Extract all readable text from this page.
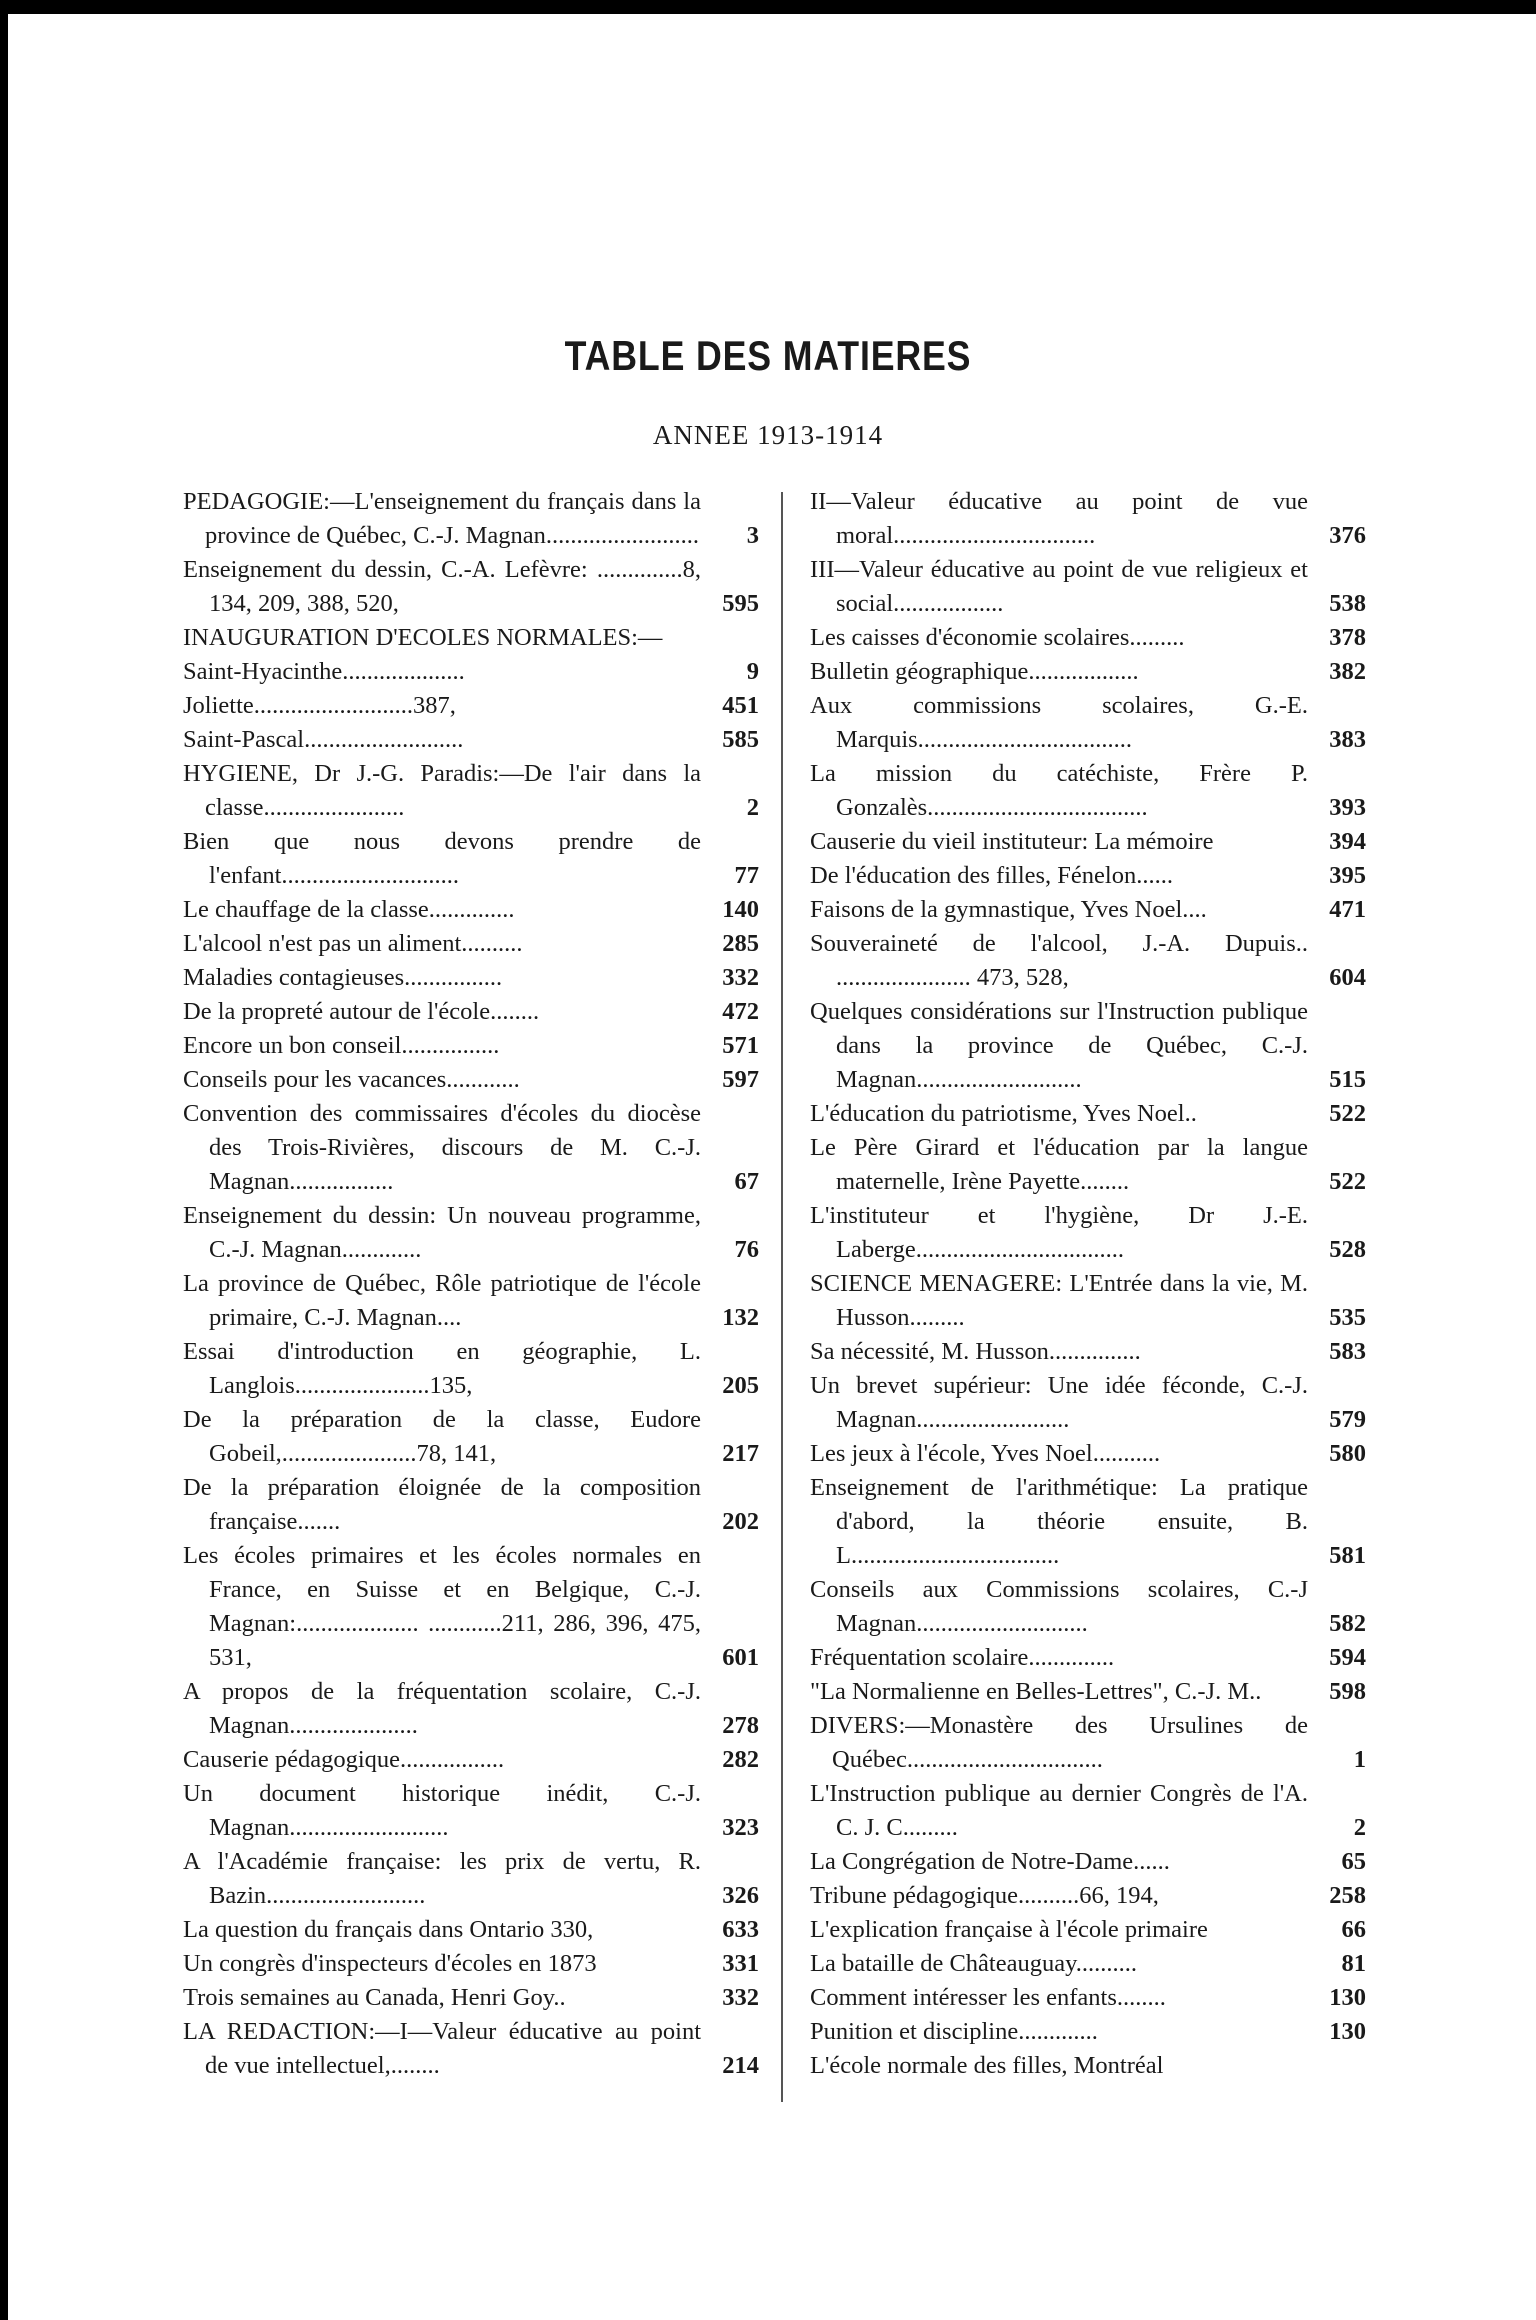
TABLE DES MATIERES
ANNEE 1913-1914
PEDAGOGIE:—L'enseignement du français dans la province de Québec, C.-J. Magnan......................... 3
Enseignement du dessin, C.-A. Lefèvre: ..............8, 134, 209, 388, 520,	595
INAUGURATION D'ECOLES NORMALES:—
Saint-Hyacinthe....................	9
Joliette..........................387,	451
Saint-Pascal..........................	585
HYGIENE, Dr J.-G. Paradis:—De l'air dans la classe.......................	2
Bien que nous devons prendre de l'enfant.............................	77
Le chauffage de la classe..............	140
L'alcool n'est pas un aliment..........	285
Maladies contagieuses................	332
De la propreté autour de l'école........	472
Encore un bon conseil................	571
Conseils pour les vacances............	597
Convention des commissaires d'écoles du diocèse des Trois-Rivières, discours de M. C.-J. Magnan.................	67
Enseignement du dessin: Un nouveau programme, C.-J. Magnan.............	76
La province de Québec, Rôle patriotique de l'école primaire, C.-J. Magnan....	132
Essai d'introduction en géographie, L. Langlois......................135,	205
De la préparation de la classe, Eudore Gobeil,......................78, 141,	217
De la préparation éloignée de la composition française.......	202
Les écoles primaires et les écoles normales en France, en Suisse et en Belgique, C.-J. Magnan:.................... ............211, 286, 396, 475, 531,	601
A propos de la fréquentation scolaire, C.-J. Magnan.....................	278
Causerie pédagogique.................	282
Un document historique inédit, C.-J. Magnan..........................	323
A l'Académie française: les prix de vertu, R. Bazin..........................	326
La question du français dans Ontario 330,	633
Un congrès d'inspecteurs d'écoles en 1873	331
Trois semaines au Canada, Henri Goy..	332
LA REDACTION:—I—Valeur éducative au point de vue intellectuel,........	214
II—Valeur éducative au point de vue moral.................................	376
III—Valeur éducative au point de vue religieux et social..................	538
Les caisses d'économie scolaires.........	378
Bulletin géographique..................	382
Aux commissions scolaires, G.-E. Marquis...................................	383
La mission du catéchiste, Frère P. Gonzalès....................................	393
Causerie du vieil instituteur: La mémoire	394
De l'éducation des filles, Fénelon......	395
Faisons de la gymnastique, Yves Noel....	471
Souveraineté de l'alcool, J.-A. Dupuis.. ...................... 473, 528,	604
Quelques considérations sur l'Instruction publique dans la province de Québec, C.-J. Magnan...........................	515
L'éducation du patriotisme, Yves Noel..	522
Le Père Girard et l'éducation par la langue maternelle, Irène Payette........	522
L'instituteur et l'hygiène, Dr J.-E. Laberge..................................	528
SCIENCE MENAGERE: L'Entrée dans la vie, M. Husson.........	535
Sa nécessité, M. Husson...............	583
Un brevet supérieur: Une idée féconde, C.-J. Magnan.........................	579
Les jeux à l'école, Yves Noel...........	580
Enseignement de l'arithmétique: La pratique d'abord, la théorie ensuite, B. L..................................	581
Conseils aux Commissions scolaires, C.-J Magnan............................	582
Fréquentation scolaire..............	594
"La Normalienne en Belles-Lettres", C.-J. M..	598
DIVERS:—Monastère des Ursulines de Québec................................	1
L'Instruction publique au dernier Congrès de l'A. C. J. C.........	2
La Congrégation de Notre-Dame......	65
Tribune pédagogique..........66, 194,	258
L'explication française à l'école primaire	66
La bataille de Châteauguay..........	81
Comment intéresser les enfants........	130
Punition et discipline.............	130
L'école normale des filles, Montréal
